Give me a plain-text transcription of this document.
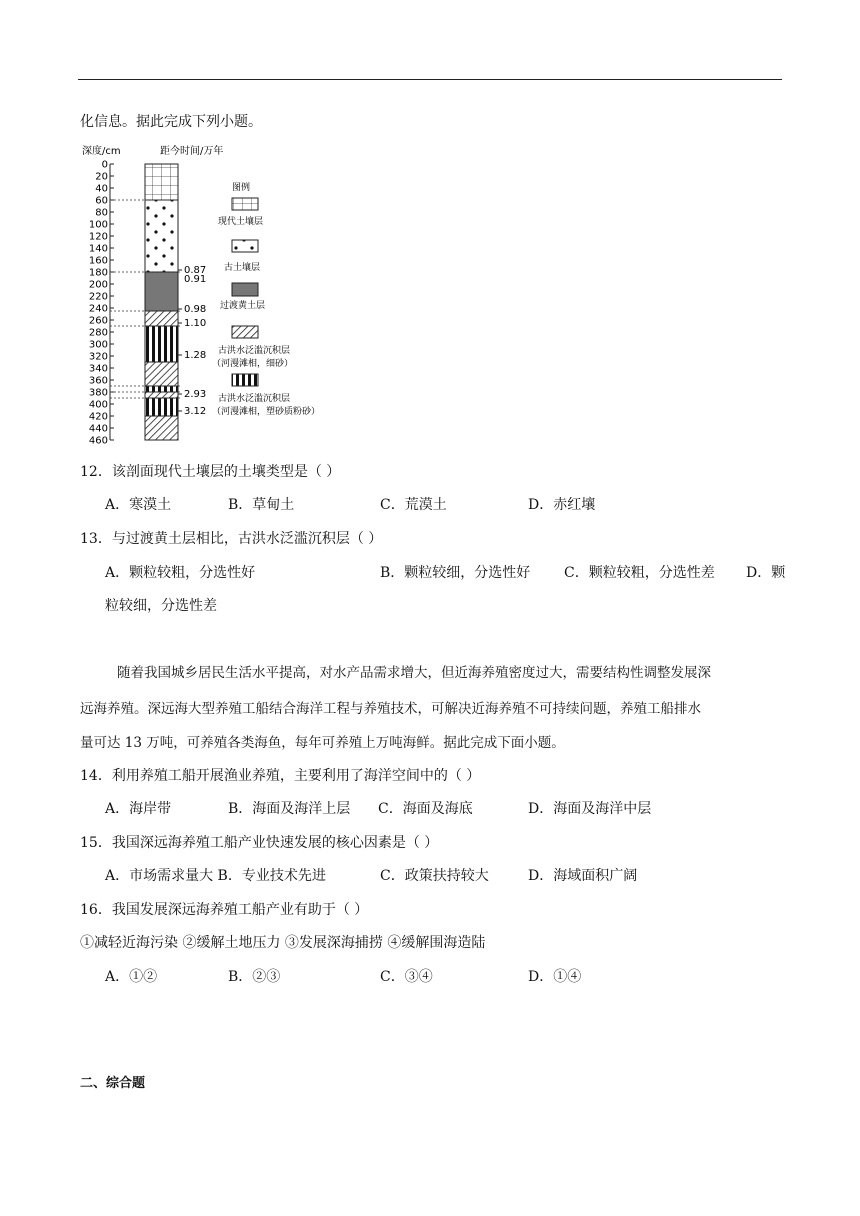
化信息。据此完成下列小题。
深度/cm	距今时间/万年
0
20
40
60
80
100
120
140
160
180
200
220
240
260
280
300
320
340
360
380
400
420
440
460
0.87
0.91
0.98
1.10
1.28
2.93
3.12
图例
现代土壤层
古土壤层
过渡黄土层
古洪水泛滥沉积层
（河漫滩相，细砂）
古洪水泛滥沉积层
（河漫滩相，塑砂质粉砂）
12．该剖面现代土壤层的土壤类型是（ ）
A．寒漠土	B．草甸土	C．荒漠土	D．赤红壤
13．与过渡黄土层相比，古洪水泛滥沉积层（ ）
A．颗粒较粗，分选性好	B．颗粒较细，分选性好 C．颗粒较粗，分选性差 D．颗
粒较细，分选性差
随着我国城乡居民生活水平提高，对水产品需求增大，但近海养殖密度过大，需要结构性调整发展深
远海养殖。深远海大型养殖工船结合海洋工程与养殖技术，可解决近海养殖不可持续问题，养殖工船排水
量可达 13 万吨，可养殖各类海鱼，每年可养殖上万吨海鲜。据此完成下面小题。
14．利用养殖工船开展渔业养殖，主要利用了海洋空间中的（ ）
A．海岸带	B．海面及海洋上层 C．海面及海底	D．海面及海洋中层
15．我国深远海养殖工船产业快速发展的核心因素是（ ）
A．市场需求量大 B．专业技术先进	C．政策扶持较大	D．海域面积广阔
16．我国发展深远海养殖工船产业有助于（ ）
①减轻近海污染 ②缓解土地压力 ③发展深海捕捞 ④缓解围海造陆
A．①②	B．②③	C．③④	D．①④
二、综合题
